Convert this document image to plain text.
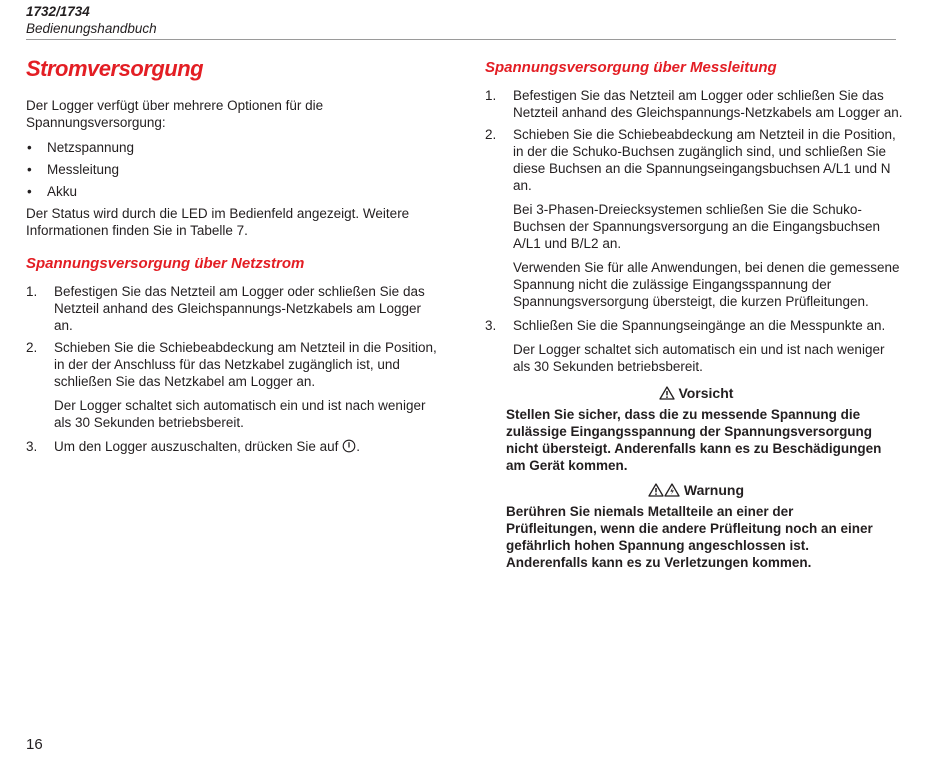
1732/1734
Bedienungshandbuch
Stromversorgung

Der Logger verfügt über mehrere Optionen für die Spannungsversorgung:

• Netzspannung
• Messleitung
• Akku

Der Status wird durch die LED im Bedienfeld angezeigt. Weitere Informationen finden Sie in Tabelle 7.

Spannungsversorgung über Netzstrom
1. Befestigen Sie das Netzteil am Logger oder schließen Sie das Netzteil anhand des Gleichspannungs-Netzkabels am Logger an.
2. Schieben Sie die Schiebeabdeckung am Netzteil in die Position, in der der Anschluss für das Netzkabel zugänglich ist, und schließen Sie das Netzkabel am Logger an.

Der Logger schaltet sich automatisch ein und ist nach weniger als 30 Sekunden betriebsbereit.

3. Um den Logger auszuschalten, drücken Sie auf .
Spannungsversorgung über Messleitung
1. Befestigen Sie das Netzteil am Logger oder schließen Sie das Netzteil anhand des Gleichspannungs-Netzkabels am Logger an.
2. Schieben Sie die Schiebeabdeckung am Netzteil in die Position, in der die Schuko-Buchsen zugänglich sind, und schließen Sie diese Buchsen an die Spannungseingangsbuchsen A/L1 und N an.

Bei 3-Phasen-Dreiecksystemen schließen Sie die Schuko-Buchsen der Spannungsversorgung an die Eingangsbuchsen A/L1 und B/L2 an.

Verwenden Sie für alle Anwendungen, bei denen die gemessene Spannung nicht die zulässige Eingangsspannung der Spannungsversorgung übersteigt, die kurzen Prüfleitungen.

3. Schließen Sie die Spannungseingänge an die Messpunkte an.

Der Logger schaltet sich automatisch ein und ist nach weniger als 30 Sekunden betriebsbereit.

Vorsicht
Stellen Sie sicher, dass die zu messende Spannung die zulässige Eingangsspannung der Spannungsversorgung nicht übersteigt. Anderenfalls kann es zu Beschädigungen am Gerät kommen.
Warnung
Berühren Sie niemals Metallteile an einer der Prüfleitungen, wenn die andere Prüfleitung noch an einer gefährlich hohen Spannung angeschlossen ist. Anderenfalls kann es zu Verletzungen kommen.
16
